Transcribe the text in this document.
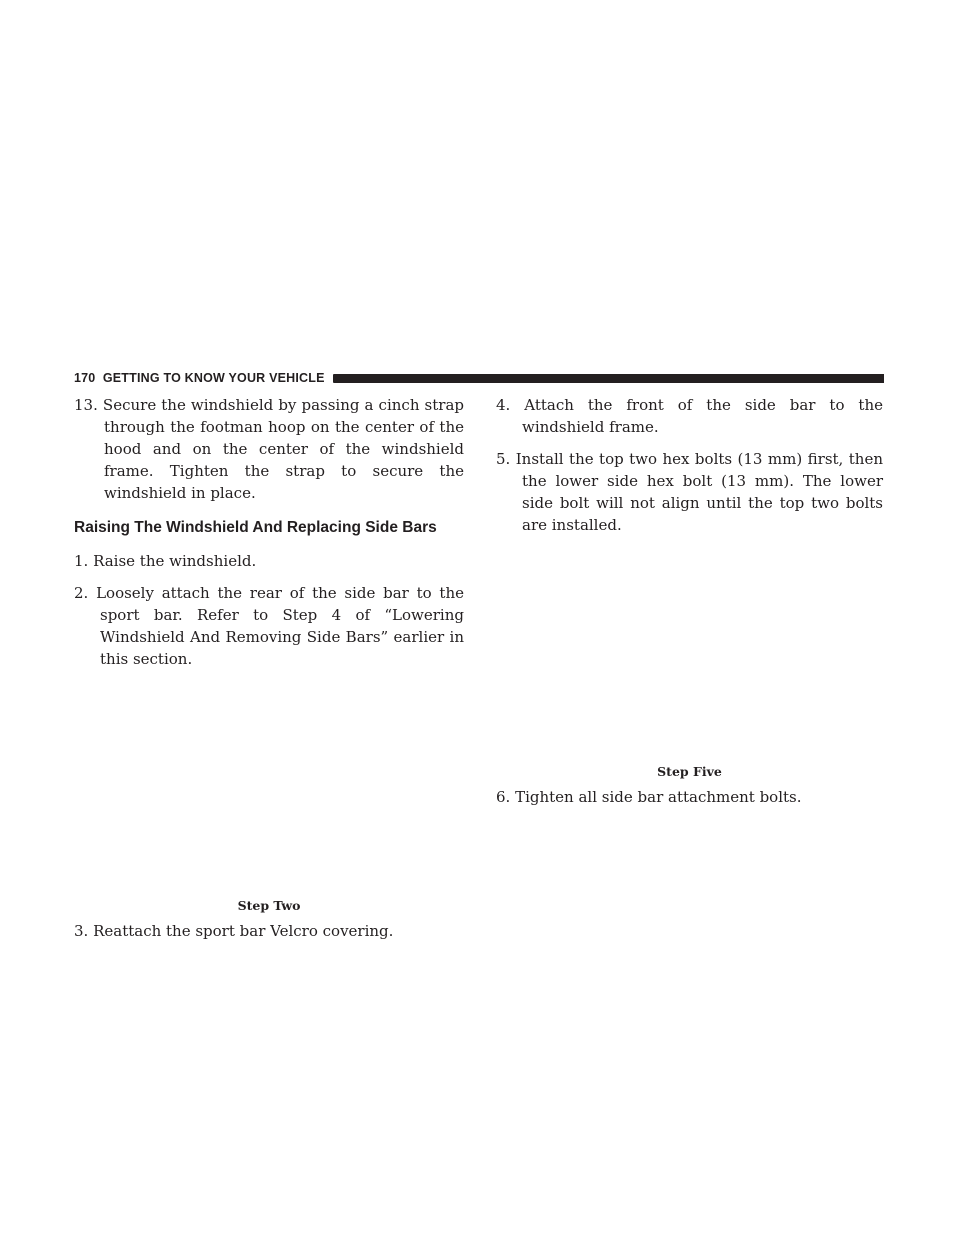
170 GETTING TO KNOW YOUR VEHICLE

13. Secure the windshield by passing a cinch strap through the footman hoop on the center of the hood and on the center of the windshield frame. Tighten the strap to secure the windshield in place.

Raising The Windshield And Replacing Side Bars

1. Raise the windshield.

2. Loosely attach the rear of the side bar to the sport bar. Refer to Step 4 of “Lowering Windshield And Removing Side Bars” earlier in this section.

Step Two

3. Reattach the sport bar Velcro covering.

4. Attach the front of the side bar to the windshield frame.

5. Install the top two hex bolts (13 mm) first, then the lower side hex bolt (13 mm). The lower side bolt will not align until the top two bolts are installed.

Step Five

6. Tighten all side bar attachment bolts.
